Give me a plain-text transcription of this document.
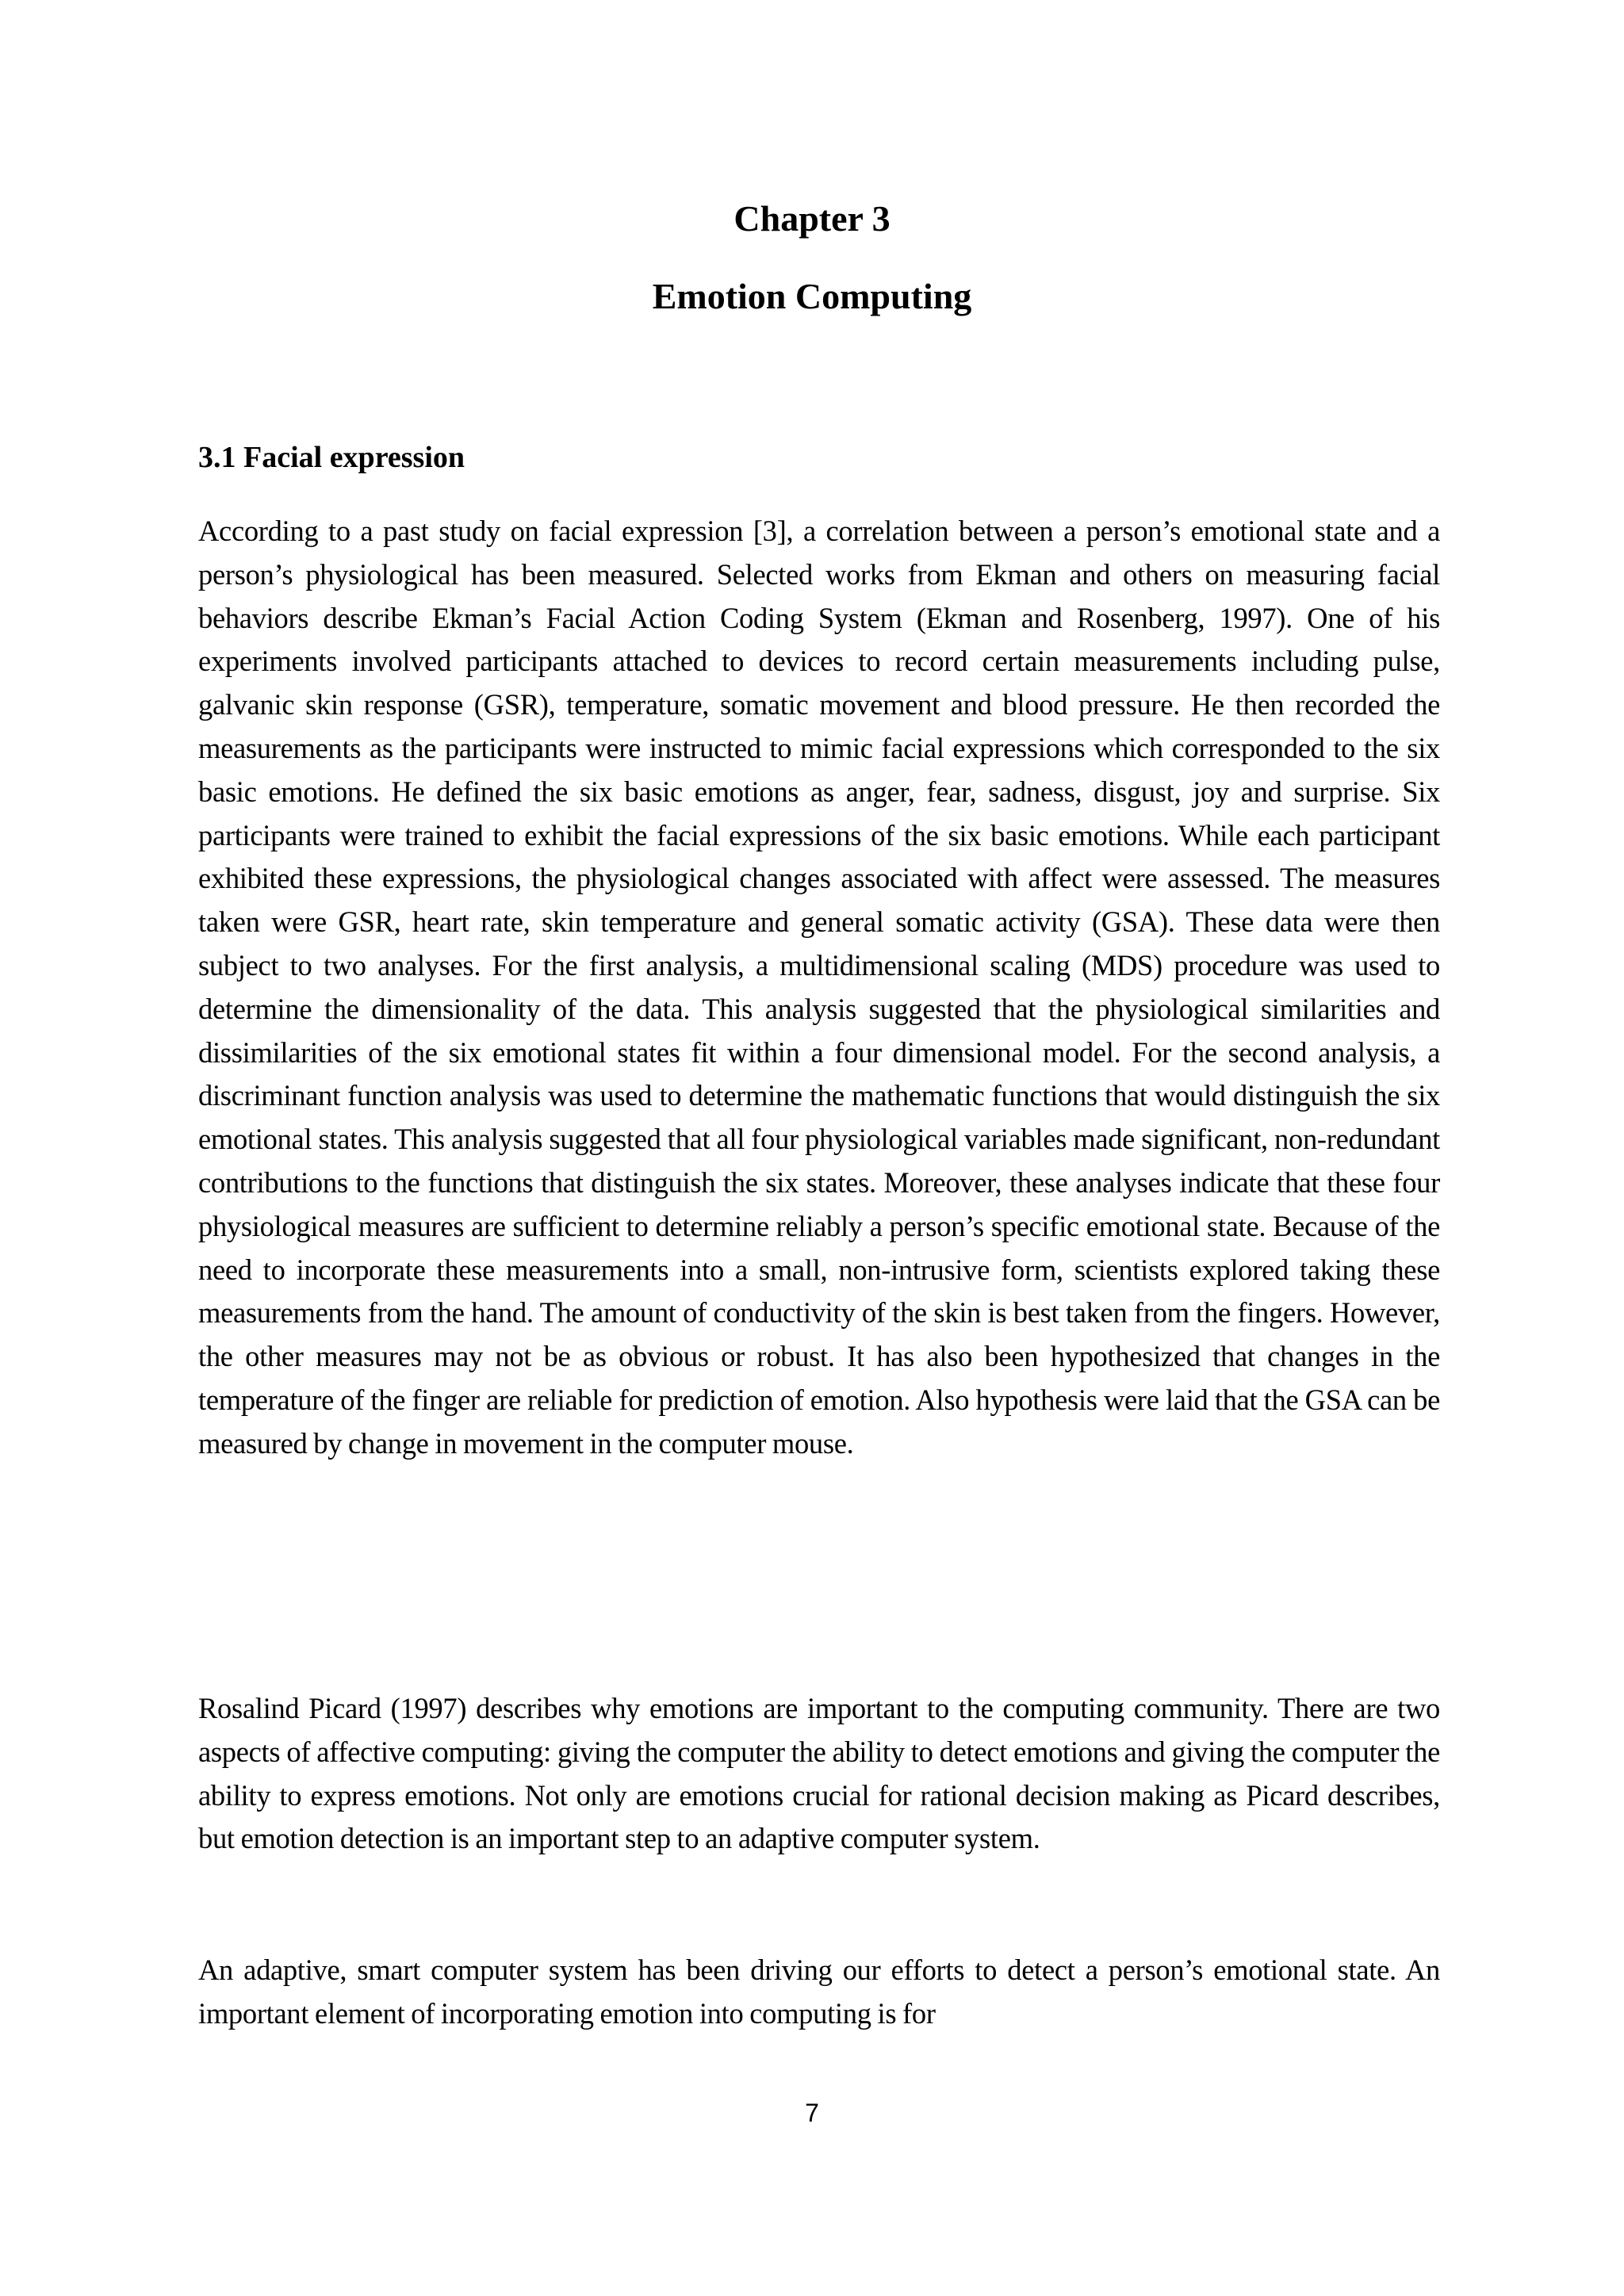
Chapter 3
Emotion Computing
3.1 Facial expression

According to a past study on facial expression [3], a correlation between a person’s emotional state and a person’s physiological has been measured. Selected works from Ekman and others on measuring facial behaviors describe Ekman’s Facial Action Coding System (Ekman and Rosenberg, 1997). One of his experiments involved participants attached to devices to record certain measurements including pulse, galvanic skin response (GSR), temperature, somatic movement and blood pressure. He then recorded the measurements as the participants were instructed to mimic facial expressions which corresponded to the six basic emotions. He defined the six basic emotions as anger, fear, sadness, disgust, joy and surprise. Six participants were trained to exhibit the facial expressions of the six basic emotions. While each participant exhibited these expressions, the physiological changes associated with affect were assessed. The measures taken were GSR, heart rate, skin temperature and general somatic activity (GSA). These data were then subject to two analyses. For the first analysis, a multidimensional scaling (MDS) procedure was used to determine the dimensionality of the data. This analysis suggested that the physiological similarities and dissimilarities of the six emotional states fit within a four dimensional model. For the second analysis, a discriminant function analysis was used to determine the mathematic functions that would distinguish the six emotional states. This analysis suggested that all four physiological variables made significant, non-redundant contributions to the functions that distinguish the six states. Moreover, these analyses indicate that these four physiological measures are sufficient to determine reliably a person’s specific emotional state. Because of the need to incorporate these measurements into a small, non-intrusive form, scientists explored taking these measurements from the hand. The amount of conductivity of the skin is best taken from the fingers. However, the other measures may not be as obvious or robust. It has also been hypothesized that changes in the temperature of the finger are reliable for prediction of emotion. Also hypothesis were laid that the GSA can be measured by change in movement in the computer mouse.

Rosalind Picard (1997) describes why emotions are important to the computing community. There are two aspects of affective computing: giving the computer the ability to detect emotions and giving the computer the ability to express emotions. Not only are emotions crucial for rational decision making as Picard describes, but emotion detection is an important step to an adaptive computer system.

An adaptive, smart computer system has been driving our efforts to detect a person’s emotional state. An important element of incorporating emotion into computing is for

7
